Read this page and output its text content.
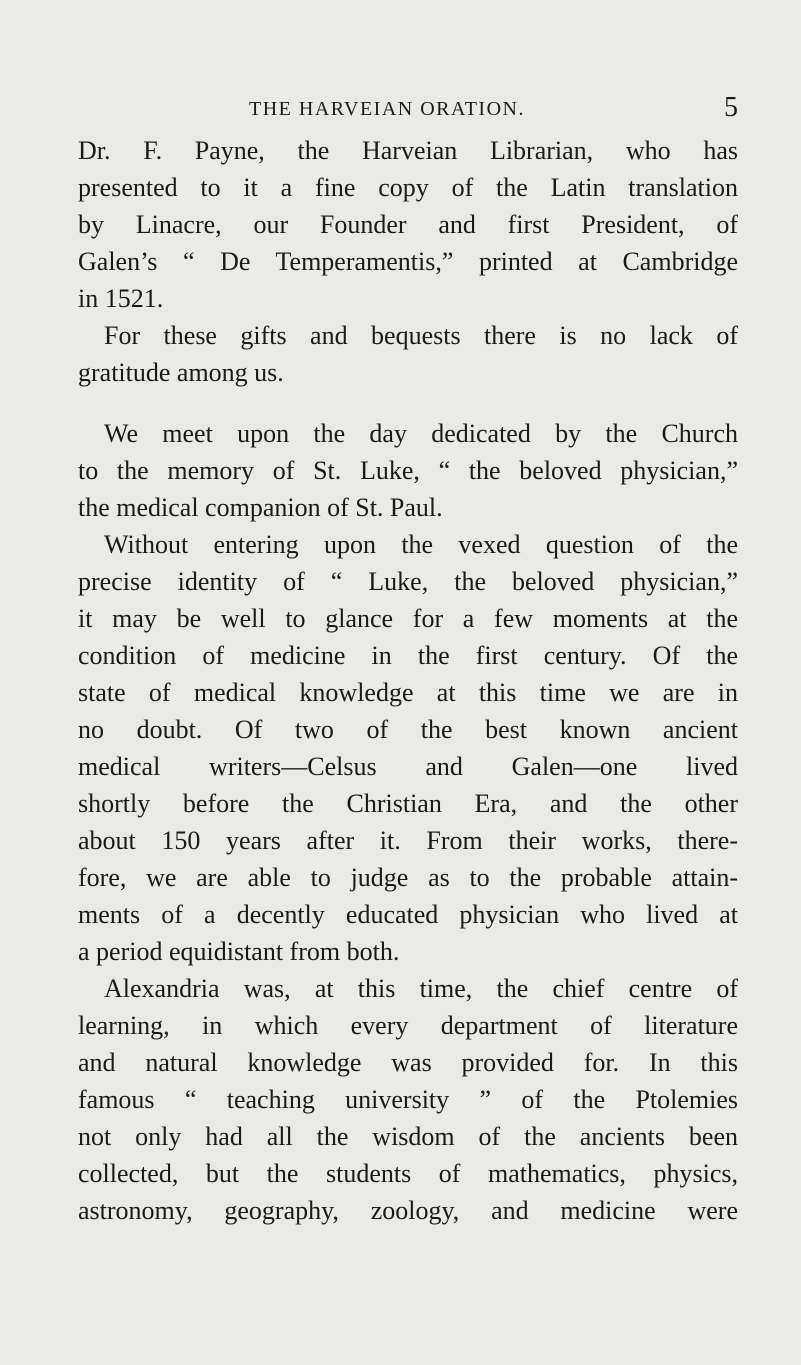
THE HARVEIAN ORATION.	5
Dr. F. Payne, the Harveian Librarian, who has
presented to it a fine copy of the Latin translation
by Linacre, our Founder and first President, of
Galen’s “ De Temperamentis,” printed at Cambridge
in 1521.
For these gifts and bequests there is no lack of
gratitude among us.
We meet upon the day dedicated by the Church
to the memory of St. Luke, “ the beloved physician,”
the medical companion of St. Paul.
Without entering upon the vexed question of the
precise identity of “ Luke, the beloved physician,”
it may be well to glance for a few moments at the
condition of medicine in the first century. Of the
state of medical knowledge at this time we are in
no doubt. Of two of the best known ancient
medical writers—Celsus and Galen—one lived
shortly before the Christian Era, and the other
about 150 years after it. From their works, there-
fore, we are able to judge as to the probable attain-
ments of a decently educated physician who lived at
a period equidistant from both.
Alexandria was, at this time, the chief centre of
learning, in which every department of literature
and natural knowledge was provided for. In this
famous “ teaching university ” of the Ptolemies
not only had all the wisdom of the ancients been
collected, but the students of mathematics, physics,
astronomy, geography, zoology, and medicine were
